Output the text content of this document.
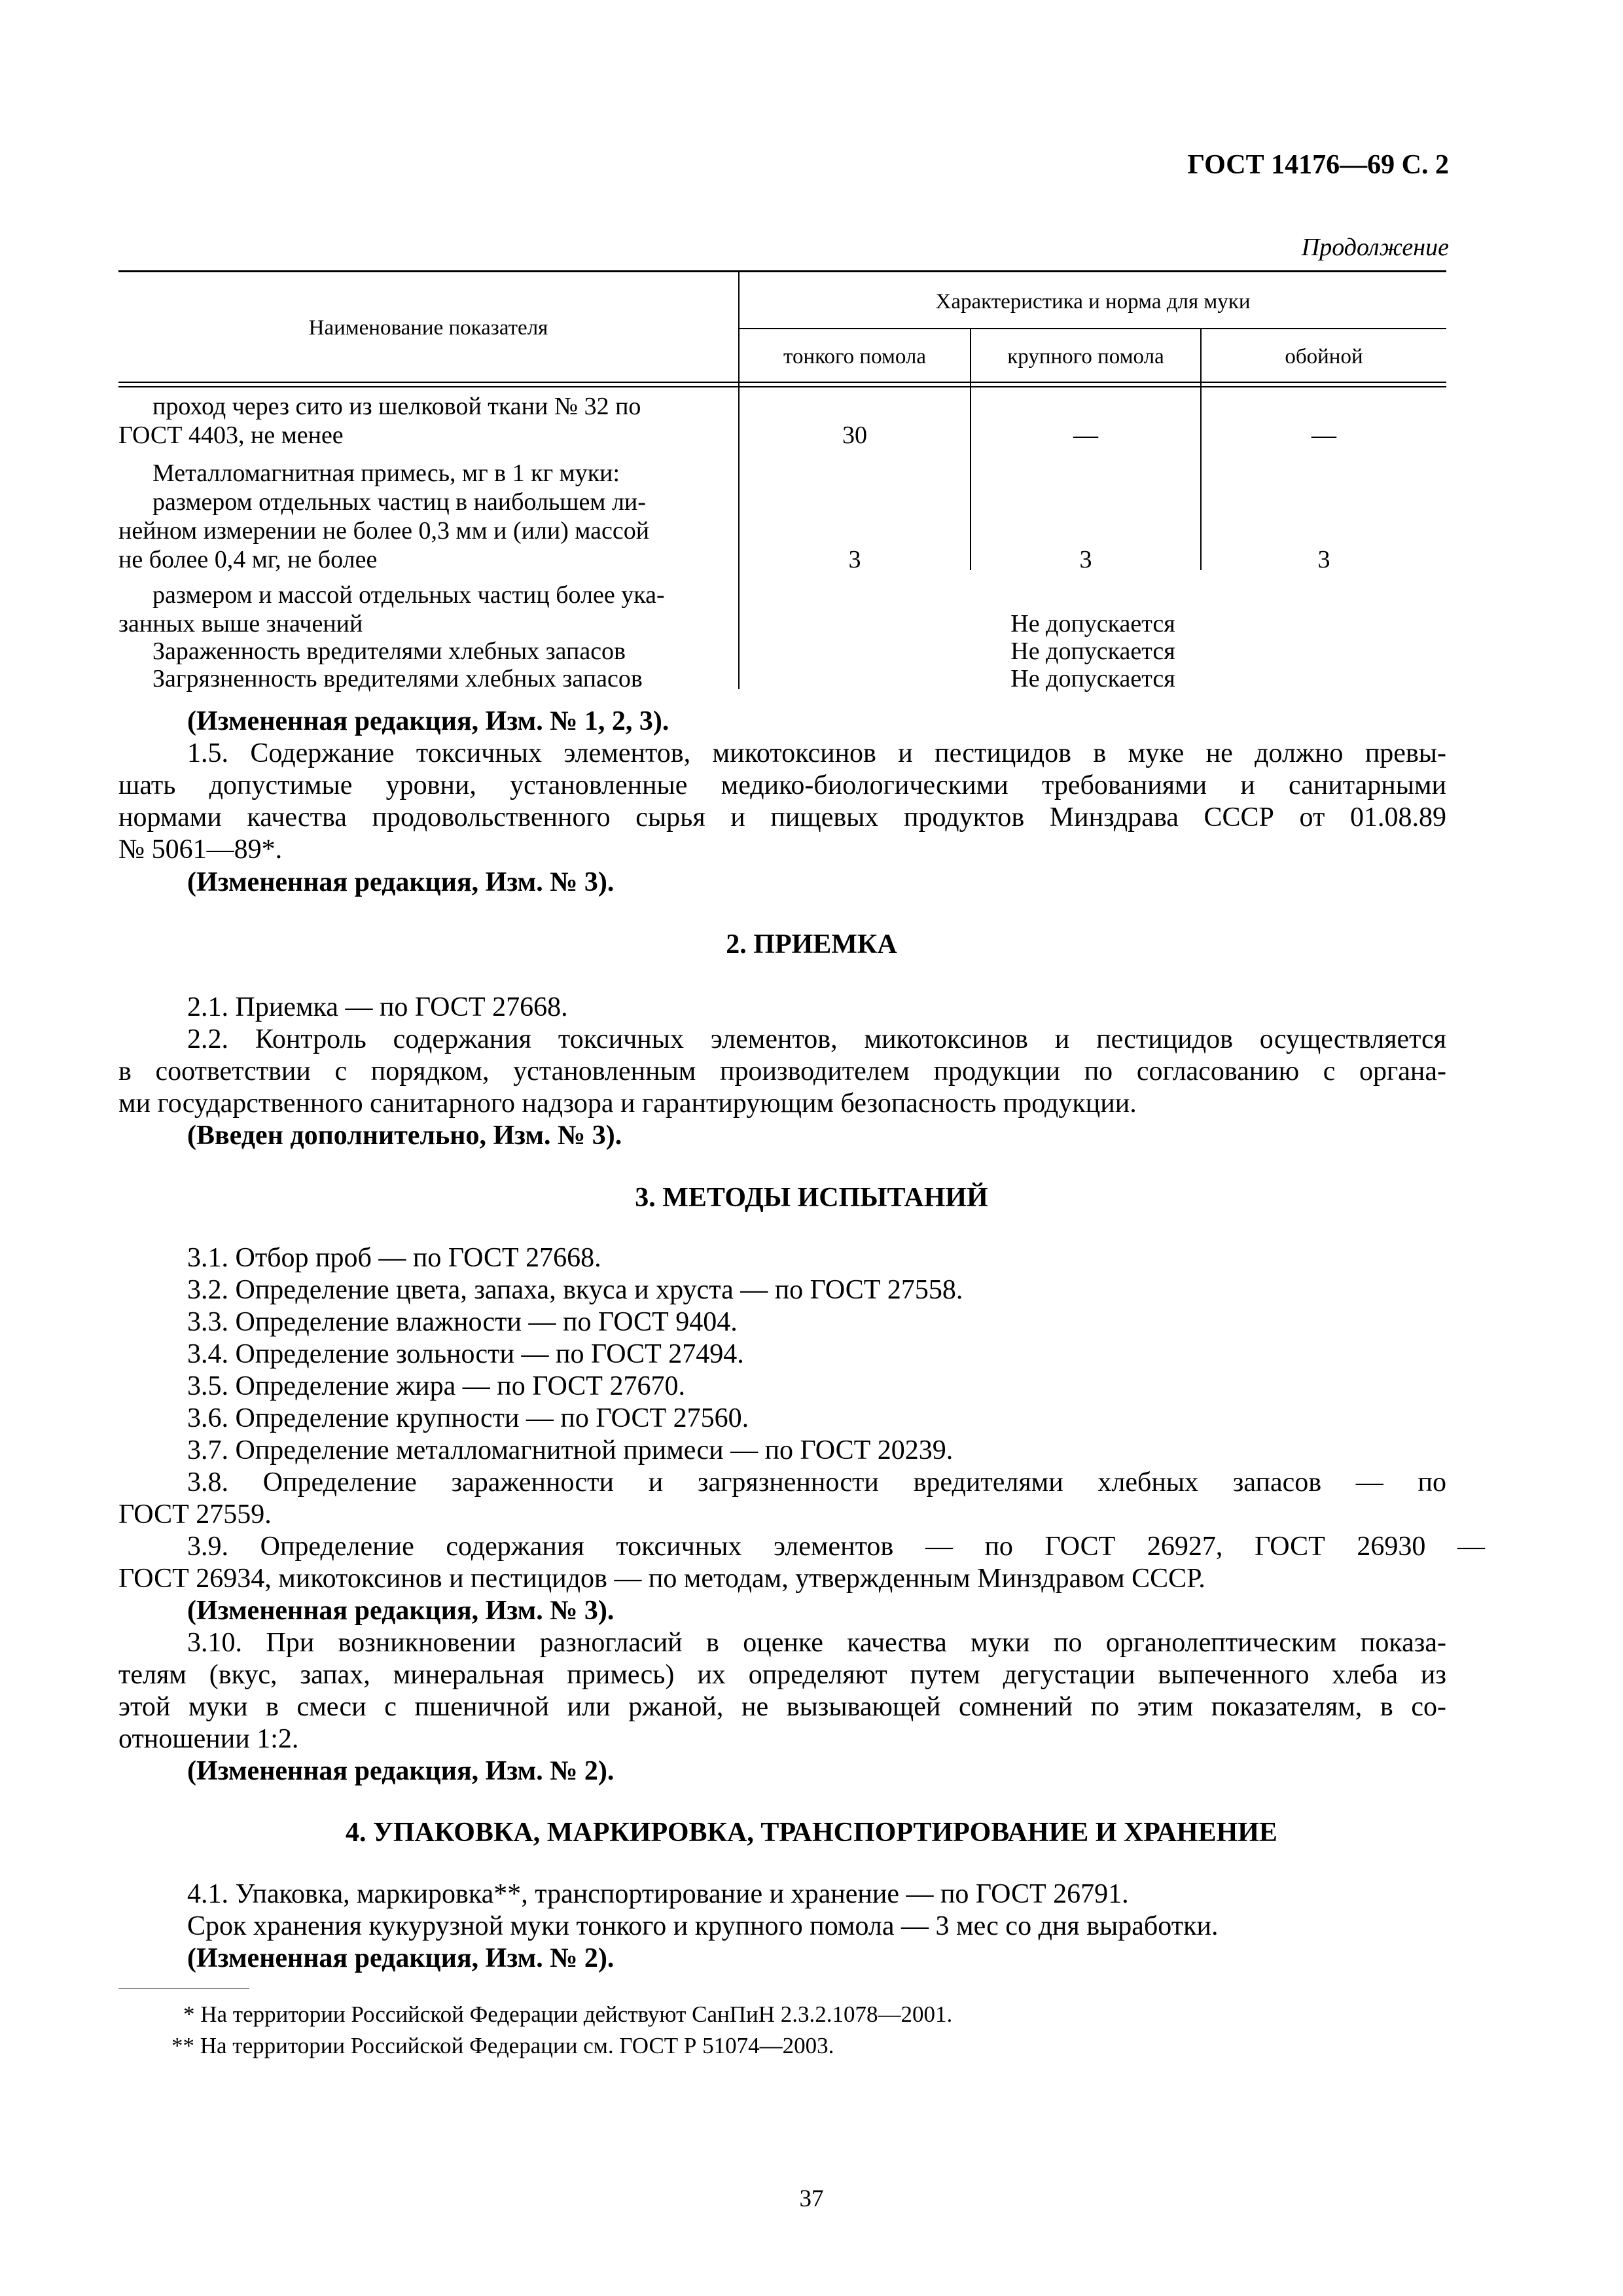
ГОСТ 14176—69 С. 2
Продолжение
Наименование показателя
Характеристика и норма для муки
тонкого помола	крупного помола	обойной
проход через сито из шелковой ткани № 32 по
ГОСТ 4403, не менее	30	—	—
Металломагнитная примесь, мг в 1 кг муки:
размером отдельных частиц в наибольшем ли-
нейном измерении не более 0,3 мм и (или) массой
не более 0,4 мг, не более	3	3	3
размером и массой отдельных частиц более ука-
занных выше значений	Не допускается
Зараженность вредителями хлебных запасов	Не допускается
Загрязненность вредителями хлебных запасов	Не допускается
(Измененная редакция, Изм. № 1, 2, 3).
1.5. Содержание токсичных элементов, микотоксинов и пестицидов в муке не должно превы-
шать допустимые уровни, установленные медико-биологическими требованиями и санитарными
нормами качества продовольственного сырья и пищевых продуктов Минздрава СССР от 01.08.89
№ 5061—89*.
(Измененная редакция, Изм. № 3).
2. ПРИЕМКА
2.1. Приемка — по ГОСТ 27668.
2.2. Контроль содержания токсичных элементов, микотоксинов и пестицидов осуществляется
в соответствии с порядком, установленным производителем продукции по согласованию с органа-
ми государственного санитарного надзора и гарантирующим безопасность продукции.
(Введен дополнительно, Изм. № 3).
3. МЕТОДЫ ИСПЫТАНИЙ
3.1. Отбор проб — по ГОСТ 27668.
3.2. Определение цвета, запаха, вкуса и хруста — по ГОСТ 27558.
3.3. Определение влажности — по ГОСТ 9404.
3.4. Определение зольности — по ГОСТ 27494.
3.5. Определение жира — по ГОСТ 27670.
3.6. Определение крупности — по ГОСТ 27560.
3.7. Определение металломагнитной примеси — по ГОСТ 20239.
3.8. Определение зараженности и загрязненности вредителями хлебных запасов — по
ГОСТ 27559.
3.9. Определение содержания токсичных элементов — по ГОСТ 26927, ГОСТ 26930 —
ГОСТ 26934, микотоксинов и пестицидов — по методам, утвержденным Минздравом СССР.
(Измененная редакция, Изм. № 3).
3.10. При возникновении разногласий в оценке качества муки по органолептическим показа-
телям (вкус, запах, минеральная примесь) их определяют путем дегустации выпеченного хлеба из
этой муки в смеси с пшеничной или ржаной, не вызывающей сомнений по этим показателям, в со-
отношении 1:2.
(Измененная редакция, Изм. № 2).
4. УПАКОВКА, МАРКИРОВКА, ТРАНСПОРТИРОВАНИЕ И ХРАНЕНИЕ
4.1. Упаковка, маркировка**, транспортирование и хранение — по ГОСТ 26791.
Срок хранения кукурузной муки тонкого и крупного помола — 3 мес со дня выработки.
(Измененная редакция, Изм. № 2).
* На территории Российской Федерации действуют СанПиН 2.3.2.1078—2001.
** На территории Российской Федерации см. ГОСТ Р 51074—2003.
37
